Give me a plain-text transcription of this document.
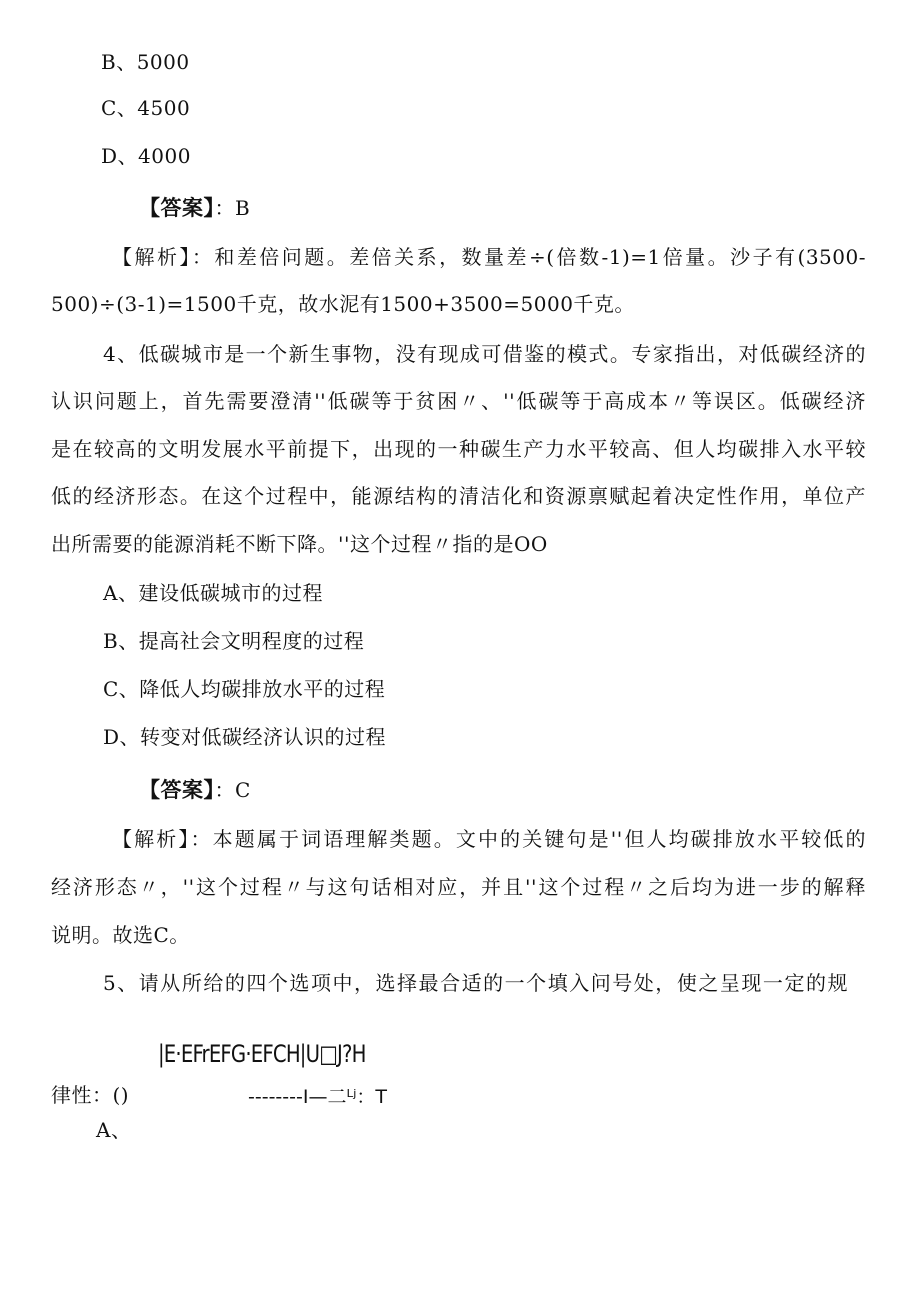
B、5000
C、4500
D、4000
【答案】：B
【解析】：和差倍问题。差倍关系，数量差÷(倍数-1)=1倍量。沙子有(3500-
500)÷(3-1)=1500千克，故水泥有1500+3500=5000千克。
4、低碳城市是一个新生事物，没有现成可借鉴的模式。专家指出，对低碳经济的
认识问题上，首先需要澄清''低碳等于贫困〃、''低碳等于高成本〃等误区。低碳经济
是在较高的文明发展水平前提下，出现的一种碳生产力水平较高、但人均碳排入水平较
低的经济形态。在这个过程中，能源结构的清洁化和资源禀赋起着决定性作用，单位产
出所需要的能源消耗不断下降。''这个过程〃指的是OO
A、建设低碳城市的过程
B、提高社会文明程度的过程
C、降低人均碳排放水平的过程
D、转变对低碳经济认识的过程
【答案】：C
【解析】：本题属于词语理解类题。文中的关键句是''但人均碳排放水平较低的
经济形态〃，''这个过程〃与这句话相对应，并且''这个过程〃之后均为进一步的解释
说明。故选C。
5、请从所给的四个选项中，选择最合适的一个填入问号处，使之呈现一定的规
|E·EFrEFG·EFCH|U□J?H
律性：()	--------I—二ᴸʲ：T
A、
